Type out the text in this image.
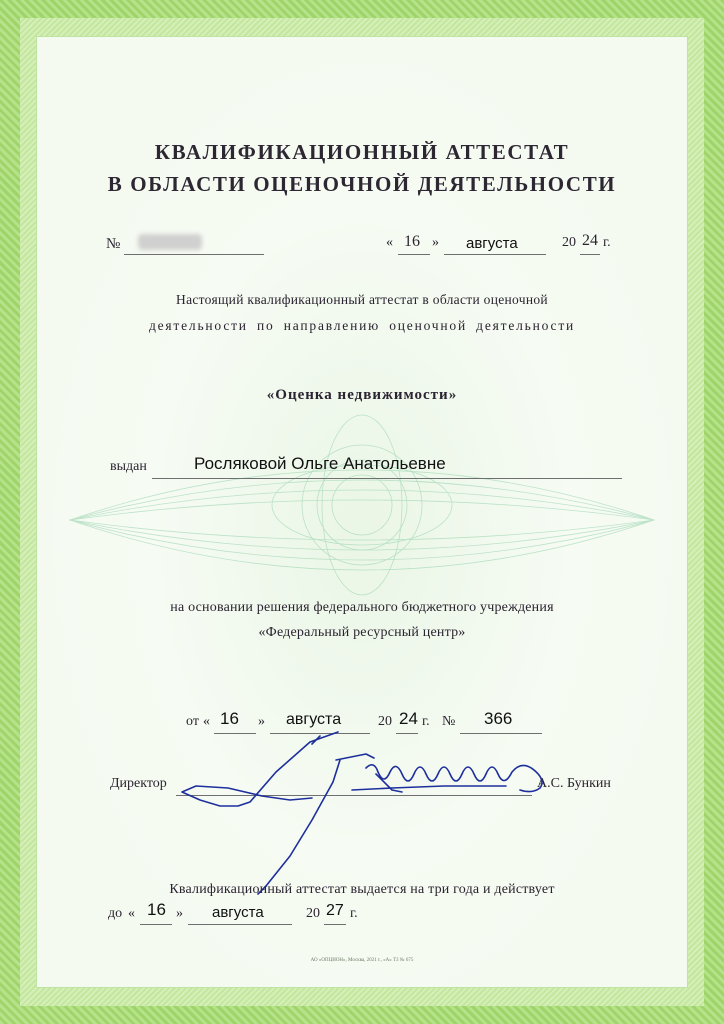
КВАЛИФИКАЦИОННЫЙ АТТЕСТАТ
В ОБЛАСТИ ОЦЕНОЧНОЙ ДЕЯТЕЛЬНОСТИ
№	« 16 » августа	20 24 г.
Настоящий квалификационный аттестат в области оценочной
деятельности по направлению оценочной деятельности
«Оценка недвижимости»
выдан	Росляковой Ольге Анатольевне
на основании решения федерального бюджетного учреждения
«Федеральный ресурсный центр»
от « 16 » августа	20 24 г. № 366
Директор	А.С. Бункин
Квалификационный аттестат выдается на три года и действует
до « 16 » августа	20 27 г.
АО «ОПЦИОН», Москва, 2021 г., «А» Т3 № 675
